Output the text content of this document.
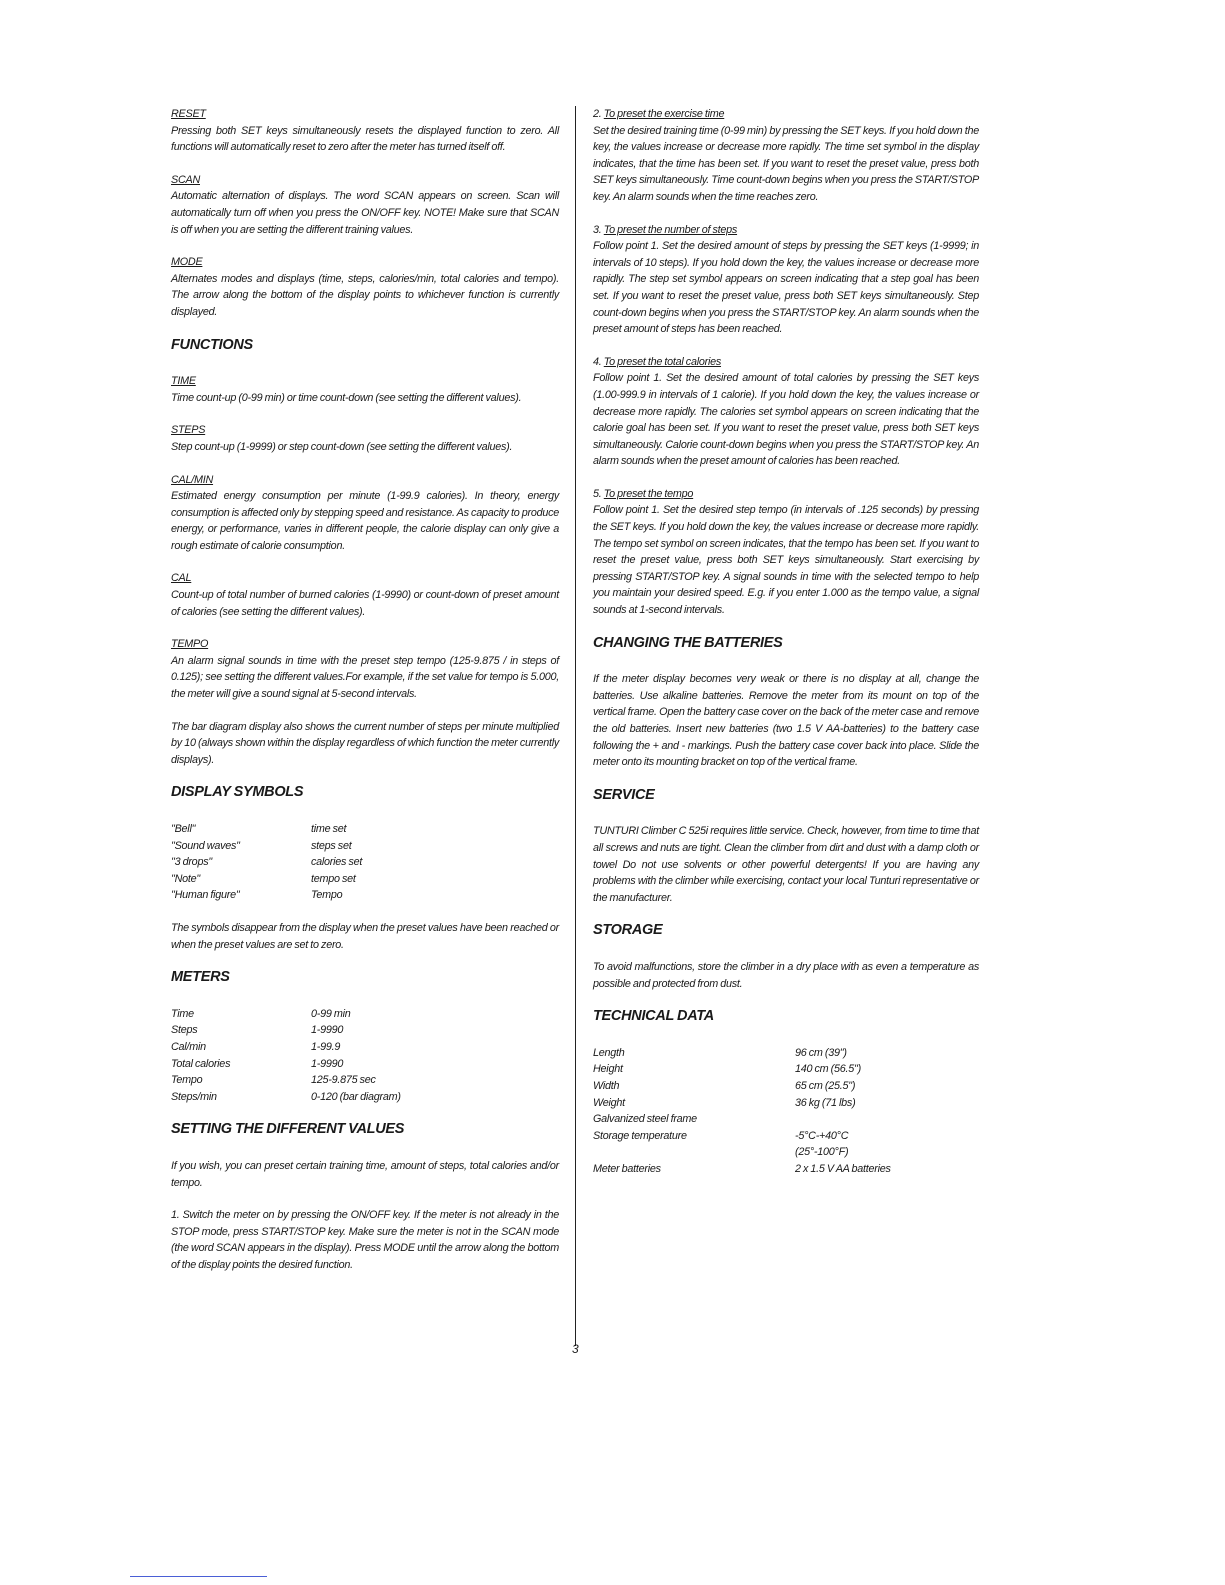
RESET

Pressing both SET keys simultaneously resets the displayed function to zero. All functions will automatically reset to zero after the meter has turned itself off.

SCAN

Automatic alternation of displays. The word SCAN appears on screen. Scan will automatically turn off when you press the ON/OFF key. NOTE! Make sure that SCAN is off when you are setting the different training values.

MODE

Alternates modes and displays (time, steps, calories/min, total calories and tempo). The arrow along the bottom of the display points to whichever function is currently displayed.

FUNCTIONS
TIME

Time count-up (0-99 min) or time count-down (see setting the different values).

STEPS

Step count-up (1-9999) or step count-down (see setting the different values).

CAL/MIN

Estimated energy consumption per minute (1-99.9 calories). In theory, energy consumption is affected only by stepping speed and resistance. As capacity to produce energy, or performance, varies in different people, the calorie display can only give a rough estimate of calorie consumption.

CAL

Count-up of total number of burned calories (1-9990) or count-down of preset amount of calories (see setting the different values).

TEMPO

An alarm signal sounds in time with the preset step tempo (125-9.875 / in steps of 0.125); see setting the different values.For example, if the set value for tempo is 5.000, the meter will give a sound signal at 5-second intervals.

The bar diagram display also shows the current number of steps per minute multiplied by 10 (always shown within the display regardless of which function the meter currently displays).

DISPLAY SYMBOLS
"Bell"	time set
"Sound waves"	steps set
"3 drops"	calories set
"Note"	tempo set
"Human figure"	Tempo

The symbols disappear from the display when the preset values have been reached or when the preset values are set to zero.

METERS
Time	0-99 min
Steps	1-9990
Cal/min	1-99.9
Total calories	1-9990
Tempo	125-9.875 sec
Steps/min	0-120 (bar diagram)
SETTING THE DIFFERENT VALUES

If you wish, you can preset certain training time, amount of steps, total calories and/or tempo.

1. Switch the meter on by pressing the ON/OFF key. If the meter is not already in the STOP mode, press START/STOP key. Make sure the meter is not in the SCAN mode (the word SCAN appears in the display). Press MODE until the arrow along the bottom of the display points the desired function.

2. To preset the exercise time

Set the desired training time (0-99 min) by pressing the SET keys. If you hold down the key, the values increase or decrease more rapidly. The time set symbol in the display indicates, that the time has been set. If you want to reset the preset value, press both SET keys simultaneously. Time count-down begins when you press the START/STOP key. An alarm sounds when the time reaches zero.

3. To preset the number of steps

Follow point 1. Set the desired amount of steps by pressing the SET keys (1-9999; in intervals of 10 steps). If you hold down the key, the values increase or decrease more rapidly. The step set symbol appears on screen indicating that a step goal has been set. If you want to reset the preset value, press both SET keys simultaneously. Step count-down begins when you press the START/STOP key. An alarm sounds when the preset amount of steps has been reached.

4. To preset the total calories

Follow point 1. Set the desired amount of total calories by pressing the SET keys (1.00-999.9 in intervals of 1 calorie). If you hold down the key, the values increase or decrease more rapidly. The calories set symbol appears on screen indicating that the calorie goal has been set. If you want to reset the preset value, press both SET keys simultaneously. Calorie count-down begins when you press the START/STOP key. An alarm sounds when the preset amount of calories has been reached.

5. To preset the tempo

Follow point 1. Set the desired step tempo (in intervals of .125 seconds) by pressing the SET keys. If you hold down the key, the values increase or decrease more rapidly. The tempo set symbol on screen indicates, that the tempo has been set. If you want to reset the preset value, press both SET keys simultaneously. Start exercising by pressing START/STOP key. A signal sounds in time with the selected tempo to help you maintain your desired speed. E.g. if you enter 1.000 as the tempo value, a signal sounds at 1-second intervals.

CHANGING THE BATTERIES

If the meter display becomes very weak or there is no display at all, change the batteries. Use alkaline batteries. Remove the meter from its mount on top of the vertical frame. Open the battery case cover on the back of the meter case and remove the old batteries. Insert new batteries (two 1.5 V AA-batteries) to the battery case following the + and - markings. Push the battery case cover back into place. Slide the meter onto its mounting bracket on top of the vertical frame.

SERVICE

TUNTURI Climber C 525i requires little service. Check, however, from time to time that all screws and nuts are tight. Clean the climber from dirt and dust with a damp cloth or towel Do not use solvents or other powerful detergents! If you are having any problems with the climber while exercising, contact your local Tunturi representative or the manufacturer.

STORAGE

To avoid malfunctions, store the climber in a dry place with as even a temperature as possible and protected from dust.

TECHNICAL DATA
Length	96 cm (39")
Height	140 cm (56.5")
Width	65 cm (25.5")
Weight	36 kg (71 lbs)
Galvanized steel frame
Storage temperature	-5°C-+40°C
(25°-100°F)
Meter batteries	2 x 1.5 V AA batteries
3
